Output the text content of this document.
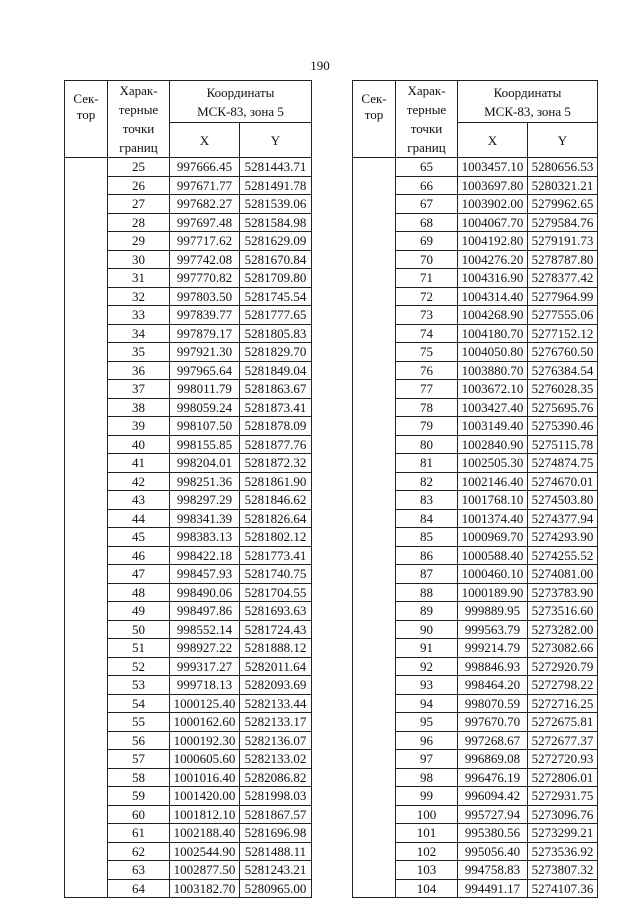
190
Сек-
тор	Харак-
терные
точки
границ	Координаты
МСК-83, зона 5	
		X	Y
	25	997666.45	5281443.71
	26	997671.77	5281491.78
	27	997682.27	5281539.06
	28	997697.48	5281584.98
	29	997717.62	5281629.09
	30	997742.08	5281670.84
	31	997770.82	5281709.80
	32	997803.50	5281745.54
	33	997839.77	5281777.65
	34	997879.17	5281805.83
	35	997921.30	5281829.70
	36	997965.64	5281849.04
	37	998011.79	5281863.67
	38	998059.24	5281873.41
	39	998107.50	5281878.09
	40	998155.85	5281877.76
	41	998204.01	5281872.32
	42	998251.36	5281861.90
	43	998297.29	5281846.62
	44	998341.39	5281826.64
	45	998383.13	5281802.12
	46	998422.18	5281773.41
	47	998457.93	5281740.75
	48	998490.06	5281704.55
	49	998497.86	5281693.63
	50	998552.14	5281724.43
	51	998927.22	5281888.12
	52	999317.27	5282011.64
	53	999718.13	5282093.69
	54	1000125.40	5282133.44
	55	1000162.60	5282133.17
	56	1000192.30	5282136.07
	57	1000605.60	5282133.02
	58	1001016.40	5282086.82
	59	1001420.00	5281998.03
	60	1001812.10	5281867.57
	61	1002188.40	5281696.98
	62	1002544.90	5281488.11
	63	1002877.50	5281243.21
	64	1003182.70	5280965.00
Сек-
тор	Харак-
терные
точки
границ	Координаты
МСК-83, зона 5	
		X	Y
	65	1003457.10	5280656.53
	66	1003697.80	5280321.21
	67	1003902.00	5279962.65
	68	1004067.70	5279584.76
	69	1004192.80	5279191.73
	70	1004276.20	5278787.80
	71	1004316.90	5278377.42
	72	1004314.40	5277964.99
	73	1004268.90	5277555.06
	74	1004180.70	5277152.12
	75	1004050.80	5276760.50
	76	1003880.70	5276384.54
	77	1003672.10	5276028.35
	78	1003427.40	5275695.76
	79	1003149.40	5275390.46
	80	1002840.90	5275115.78
	81	1002505.30	5274874.75
	82	1002146.40	5274670.01
	83	1001768.10	5274503.80
	84	1001374.40	5274377.94
	85	1000969.70	5274293.90
	86	1000588.40	5274255.52
	87	1000460.10	5274081.00
	88	1000189.90	5273783.90
	89	999889.95	5273516.60
	90	999563.79	5273282.00
	91	999214.79	5273082.66
	92	998846.93	5272920.79
	93	998464.20	5272798.22
	94	998070.59	5272716.25
	95	997670.70	5272675.81
	96	997268.67	5272677.37
	97	996869.08	5272720.93
	98	996476.19	5272806.01
	99	996094.42	5272931.75
	100	995727.94	5273096.76
	101	995380.56	5273299.21
	102	995056.40	5273536.92
	103	994758.83	5273807.32
	104	994491.17	5274107.36
